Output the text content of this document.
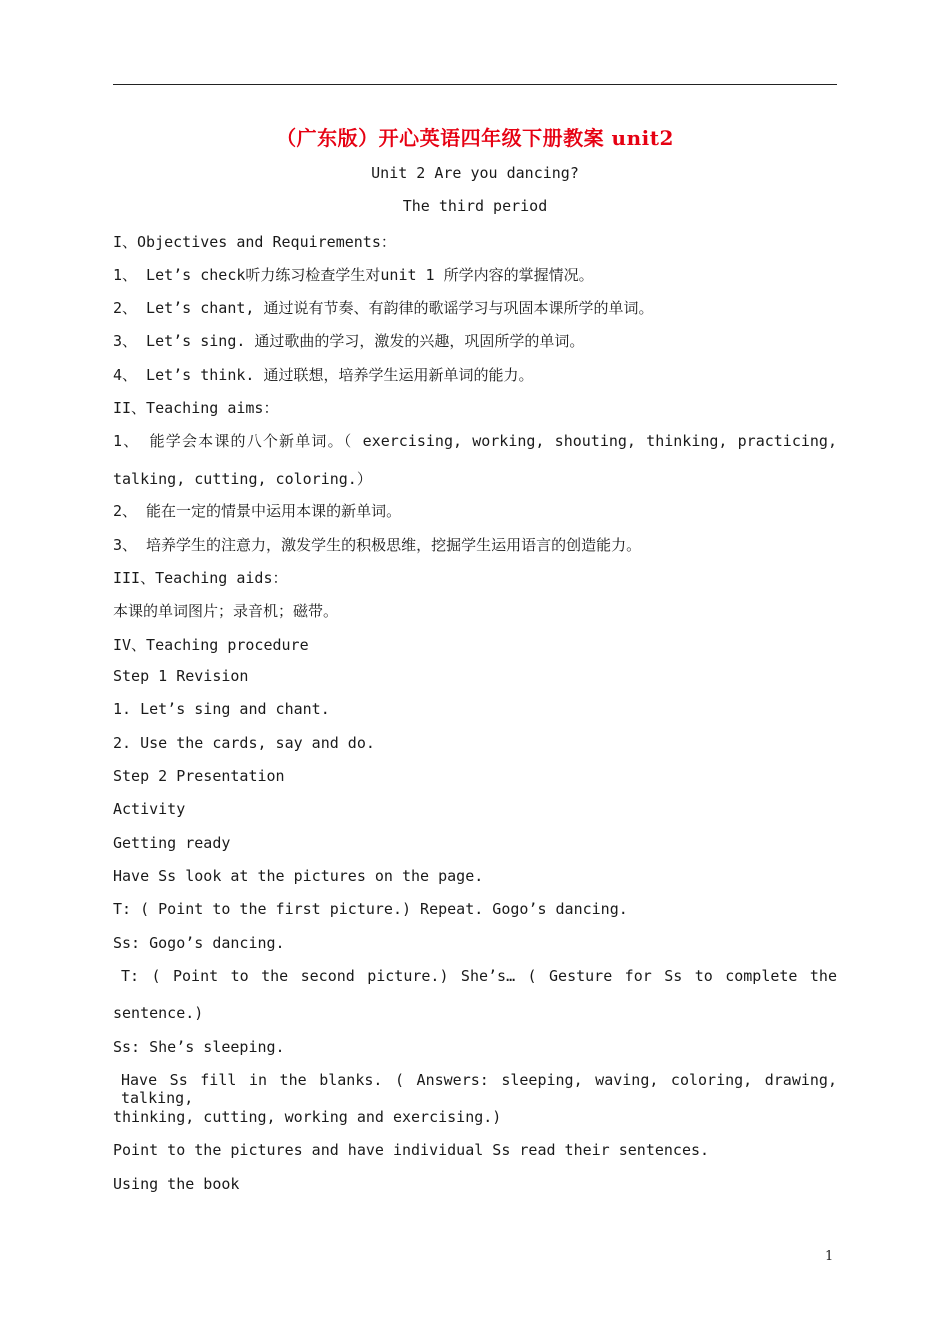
（广东版）开心英语四年级下册教案 unit2
Unit 2 Are you dancing?
The third period
I、Objectives and Requirements：
1、 Let’s check听力练习检查学生对unit 1 所学内容的掌握情况。
2、 Let’s chant, 通过说有节奏、有韵律的歌谣学习与巩固本课所学的单词。
3、 Let’s sing. 通过歌曲的学习，激发的兴趣，巩固所学的单词。
4、 Let’s think. 通过联想，培养学生运用新单词的能力。
II、Teaching aims：
1、 能学会本课的八个新单词。（ exercising, working, shouting, thinking, practicing,
talking, cutting, coloring.）
2、 能在一定的情景中运用本课的新单词。
3、 培养学生的注意力，激发学生的积极思维，挖掘学生运用语言的创造能力。
III、Teaching aids：
本课的单词图片；录音机；磁带。
IV、Teaching procedure
Step 1 Revision
1. Let’s sing and chant.
2. Use the cards, say and do.
Step 2 Presentation
Activity
Getting ready
Have Ss look at the pictures on the page.
T: ( Point to the first picture.) Repeat. Gogo’s dancing.
Ss: Gogo’s dancing.
T: ( Point to the second picture.) She’s… ( Gesture for Ss to complete the
sentence.)
Ss: She’s sleeping.
Have Ss fill in the blanks. ( Answers: sleeping, waving, coloring, drawing, talking,
thinking, cutting, working and exercising.)
Point to the pictures and have individual Ss read their sentences.
Using the book
1
